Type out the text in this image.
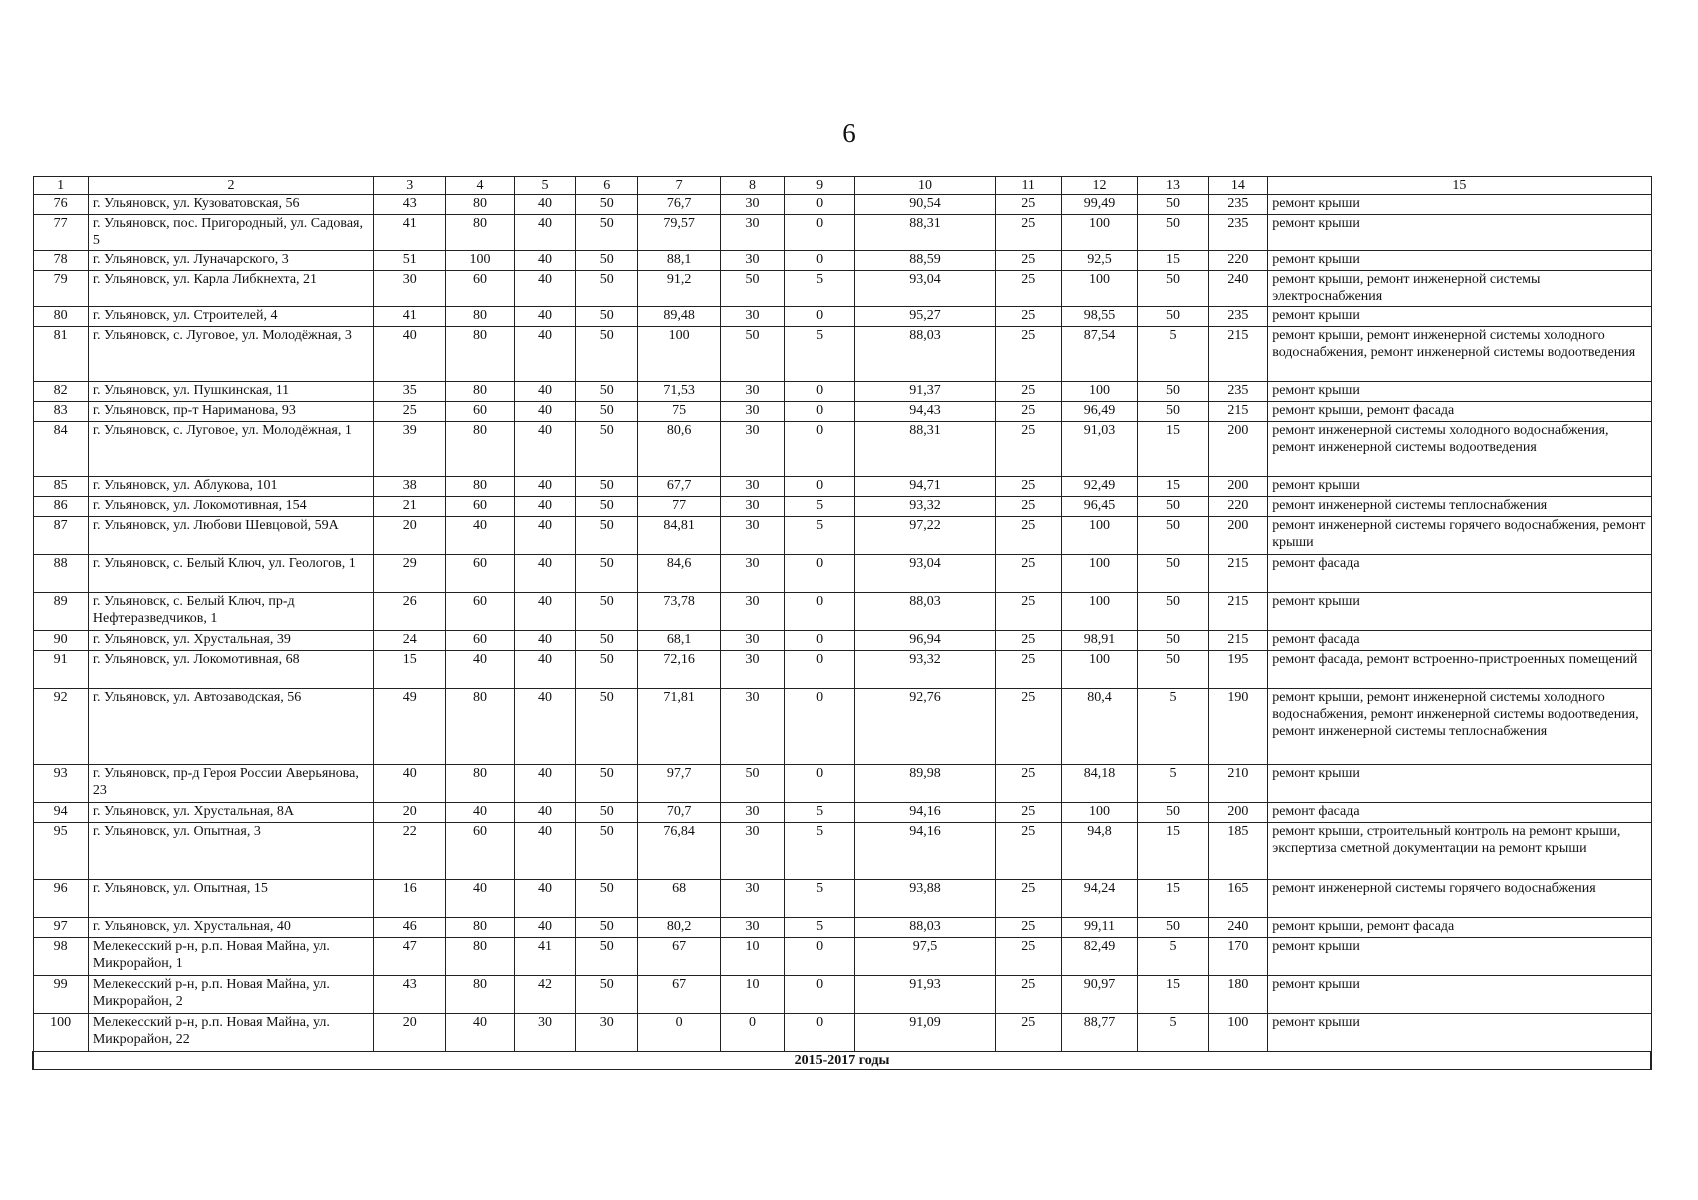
6
1	2	3	4	5	6	7	8	9	10	11	12	13	14	15
76	г. Ульяновск, ул. Кузоватовская, 56	43	80	40	50	76,7	30	0	90,54	25	99,49	50	235	ремонт крыши
77	г. Ульяновск, пос. Пригородный, ул. Садовая, 5	41	80	40	50	79,57	30	0	88,31	25	100	50	235	ремонт крыши
78	г. Ульяновск, ул. Луначарского, 3	51	100	40	50	88,1	30	0	88,59	25	92,5	15	220	ремонт крыши
79	г. Ульяновск, ул. Карла Либкнехта, 21	30	60	40	50	91,2	50	5	93,04	25	100	50	240	ремонт крыши, ремонт инженерной системы электроснабжения
80	г. Ульяновск, ул. Строителей, 4	41	80	40	50	89,48	30	0	95,27	25	98,55	50	235	ремонт крыши
81	г. Ульяновск, с. Луговое, ул. Молодёжная, 3	40	80	40	50	100	50	5	88,03	25	87,54	5	215	ремонт крыши, ремонт инженерной системы холодного водоснабжения, ремонт инженерной системы водоотведения
82	г. Ульяновск, ул. Пушкинская, 11	35	80	40	50	71,53	30	0	91,37	25	100	50	235	ремонт крыши
83	г. Ульяновск, пр-т Нариманова, 93	25	60	40	50	75	30	0	94,43	25	96,49	50	215	ремонт крыши, ремонт фасада
84	г. Ульяновск, с. Луговое, ул. Молодёжная, 1	39	80	40	50	80,6	30	0	88,31	25	91,03	15	200	ремонт инженерной системы холодного водоснабжения, ремонт инженерной системы водоотведения
85	г. Ульяновск, ул. Аблукова, 101	38	80	40	50	67,7	30	0	94,71	25	92,49	15	200	ремонт крыши
86	г. Ульяновск, ул. Локомотивная, 154	21	60	40	50	77	30	5	93,32	25	96,45	50	220	ремонт инженерной системы теплоснабжения
87	г. Ульяновск, ул. Любови Шевцовой, 59А	20	40	40	50	84,81	30	5	97,22	25	100	50	200	ремонт инженерной системы горячего водоснабжения, ремонт крыши
88	г. Ульяновск, с. Белый Ключ, ул. Геологов, 1	29	60	40	50	84,6	30	0	93,04	25	100	50	215	ремонт фасада
89	г. Ульяновск, с. Белый Ключ, пр-д Нефтеразведчиков, 1	26	60	40	50	73,78	30	0	88,03	25	100	50	215	ремонт крыши
90	г. Ульяновск, ул. Хрустальная, 39	24	60	40	50	68,1	30	0	96,94	25	98,91	50	215	ремонт фасада
91	г. Ульяновск, ул. Локомотивная, 68	15	40	40	50	72,16	30	0	93,32	25	100	50	195	ремонт фасада, ремонт встроенно-пристроенных помещений
92	г. Ульяновск, ул. Автозаводская, 56	49	80	40	50	71,81	30	0	92,76	25	80,4	5	190	ремонт крыши, ремонт инженерной системы холодного водоснабжения, ремонт инженерной системы водоотведения, ремонт инженерной системы теплоснабжения
93	г. Ульяновск, пр-д Героя России Аверьянова, 23	40	80	40	50	97,7	50	0	89,98	25	84,18	5	210	ремонт крыши
94	г. Ульяновск, ул. Хрустальная, 8А	20	40	40	50	70,7	30	5	94,16	25	100	50	200	ремонт фасада
95	г. Ульяновск, ул. Опытная, 3	22	60	40	50	76,84	30	5	94,16	25	94,8	15	185	ремонт крыши, строительный контроль на ремонт крыши, экспертиза сметной документации на ремонт крыши
96	г. Ульяновск, ул. Опытная, 15	16	40	40	50	68	30	5	93,88	25	94,24	15	165	ремонт инженерной системы горячего водоснабжения
97	г. Ульяновск, ул. Хрустальная, 40	46	80	40	50	80,2	30	5	88,03	25	99,11	50	240	ремонт крыши, ремонт фасада
98	Мелекесский р-н, р.п. Новая Майна, ул. Микрорайон, 1	47	80	41	50	67	10	0	97,5	25	82,49	5	170	ремонт крыши
99	Мелекесский р-н, р.п. Новая Майна, ул. Микрорайон, 2	43	80	42	50	67	10	0	91,93	25	90,97	15	180	ремонт крыши
100	Мелекесский р-н, р.п. Новая Майна, ул. Микрорайон, 22	20	40	30	30	0	0	0	91,09	25	88,77	5	100	ремонт крыши
2015-2017 годы														
